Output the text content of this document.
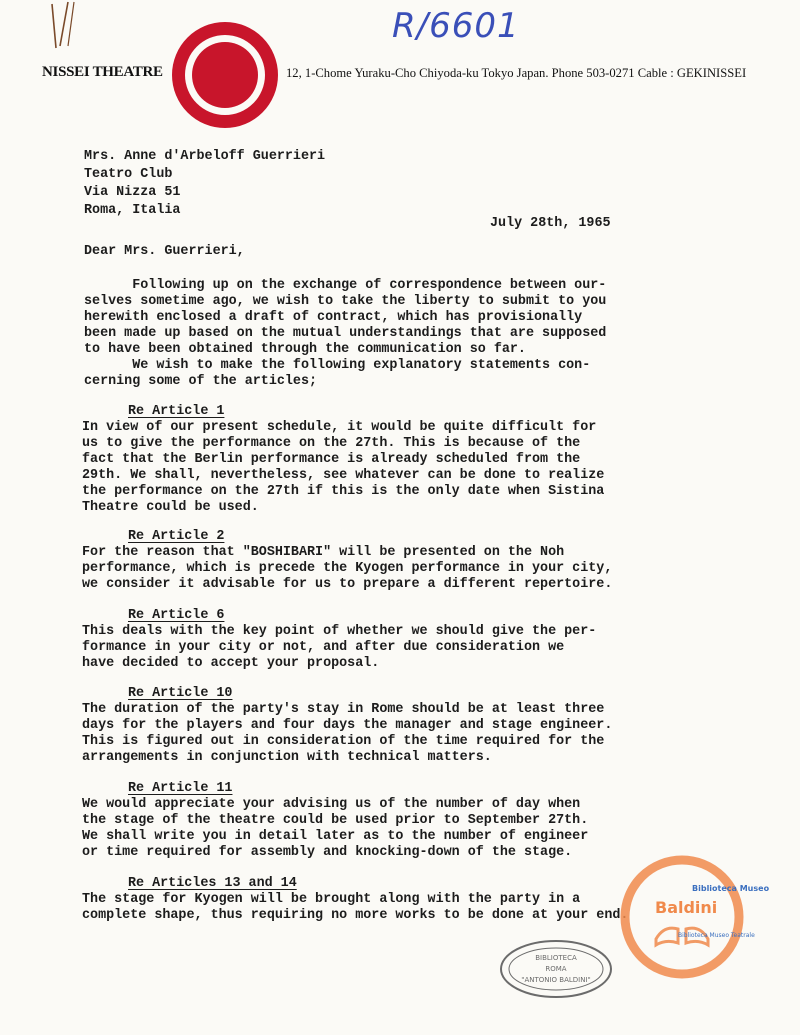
R/6601
NISSEI THEATRE	12, 1-Chome Yuraku-Cho Chiyoda-ku Tokyo Japan. Phone 503-0271 Cable : GEKINISSEI
Mrs. Anne d'Arbeloff Guerrieri
Teatro Club
Via Nizza 51
Roma, Italia
July 28th, 1965
Dear Mrs. Guerrieri,
Following up on the exchange of correspondence between our-
selves sometime ago, we wish to take the liberty to submit to you
herewith enclosed a draft of contract, which has provisionally
been made up based on the mutual understandings that are supposed
to have been obtained through the communication so far.
We wish to make the following explanatory statements con-
cerning some of the articles;
Re Article 1
In view of our present schedule, it would be quite difficult for
us to give the performance on the 27th. This is because of the
fact that the Berlin performance is already scheduled from the
29th. We shall, nevertheless, see whatever can be done to realize
the performance on the 27th if this is the only date when Sistina
Theatre could be used.
Re Article 2
For the reason that "BOSHIBARI" will be presented on the Noh
performance, which is precede the Kyogen performance in your city,
we consider it advisable for us to prepare a different repertoire.
Re Article 6
This deals with the key point of whether we should give the per-
formance in your city or not, and after due consideration we
have decided to accept your proposal.
Re Article 10
The duration of the party's stay in Rome should be at least three
days for the players and four days the manager and stage engineer.
This is figured out in consideration of the time required for the
arrangements in conjunction with technical matters.
Re Article 11
We would appreciate your advising us of the number of day when
the stage of the theatre could be used prior to September 27th.
We shall write you in detail later as to the number of engineer
or time required for assembly and knocking-down of the stage.
Re Articles 13 and 14
The stage for Kyogen will be brought along with the party in a
complete shape, thus requiring no more works to be done at your end.
BIBLIOTECA
ROMA
"ANTONIO BALDINI"
Biblioteca Museo
Baldini
Biblioteca Museo Teatrale
